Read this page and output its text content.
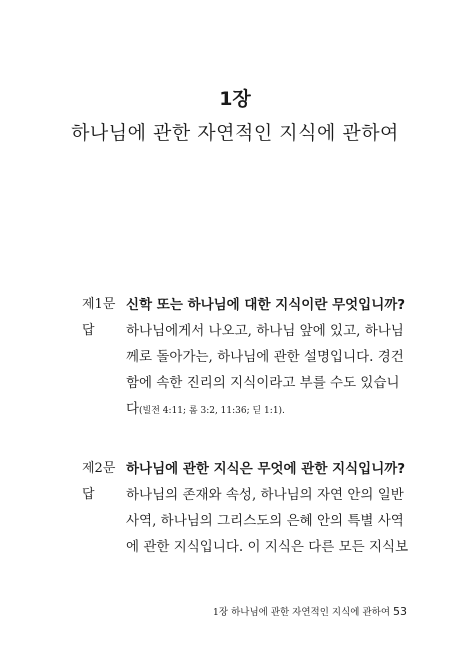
1장
하나님에 관한 자연적인 지식에 관하여
제1문 신학 또는 하나님에 대한 지식이란 무엇입니까?
답	하나님에게서 나오고, 하나님 앞에 있고, 하나님
께로 돌아가는, 하나님에 관한 설명입니다. 경건
함에 속한 진리의 지식이라고 부를 수도 있습니
다(빌전 4:11; 롬 3:2, 11:36; 딛 1:1).
제2문 하나님에 관한 지식은 무엇에 관한 지식입니까?
답	하나님의 존재와 속성, 하나님의 자연 안의 일반
사역, 하나님의 그리스도의 은혜 안의 특별 사역
에 관한 지식입니다. 이 지식은 다른 모든 지식보
1장 하나님에 관한 자연적인 지식에 관하여 53
